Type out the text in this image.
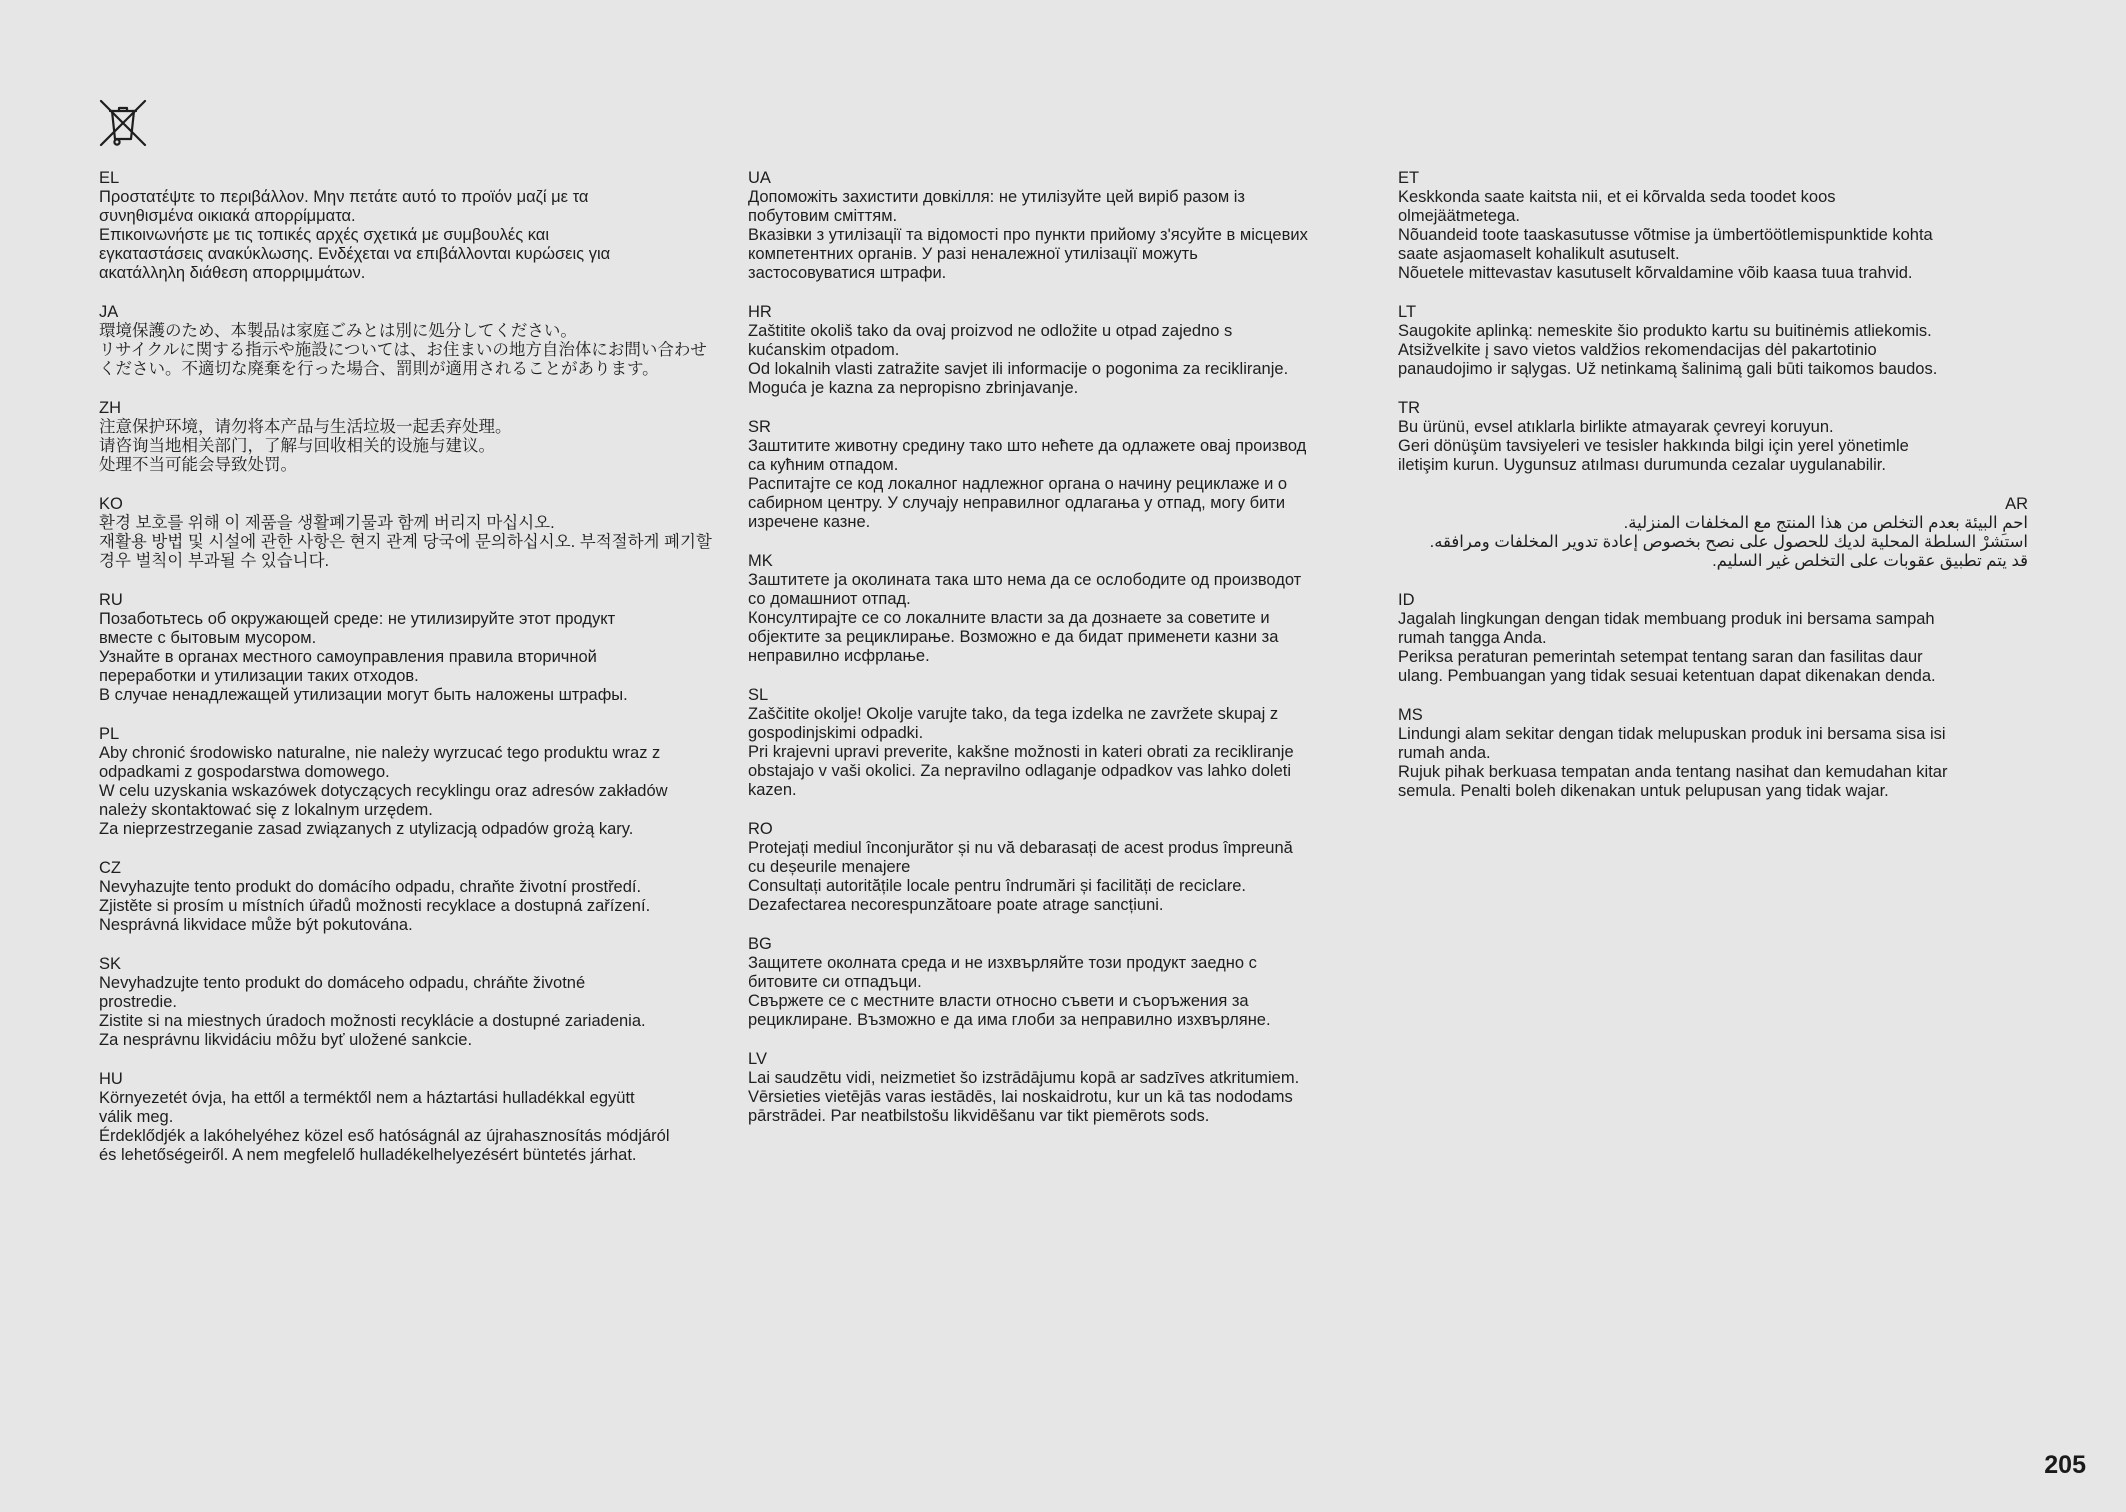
EL
Προστατέψτε το περιβάλλον. Μην πετάτε αυτό το προϊόν μαζί με τα
συνηθισμένα οικιακά απορρίμματα.
Επικοινωνήστε με τις τοπικές αρχές σχετικά με συμβουλές και
εγκαταστάσεις ανακύκλωσης. Ενδέχεται να επιβάλλονται κυρώσεις για
ακατάλληλη διάθεση απορριμμάτων.
JA
環境保護のため、本製品は家庭ごみとは別に処分してください。
リサイクルに関する指示や施設については、お住まいの地方自治体にお問い合わせ
ください。不適切な廃棄を行った場合、罰則が適用されることがあります。
ZH
注意保护环境，请勿将本产品与生活垃圾一起丢弃处理。
请咨询当地相关部门，了解与回收相关的设施与建议。
处理不当可能会导致处罚。
KO
환경 보호를 위해 이 제품을 생활폐기물과 함께 버리지 마십시오.
재활용 방법 및 시설에 관한 사항은 현지 관계 당국에 문의하십시오. 부적절하게 폐기할
경우 벌칙이 부과될 수 있습니다.
RU
Позаботьтесь об окружающей среде: не утилизируйте этот продукт
вместе с бытовым мусором.
Узнайте в органах местного самоуправления правила вторичной
переработки и утилизации таких отходов.
В случае ненадлежащей утилизации могут быть наложены штрафы.
PL
Aby chronić środowisko naturalne, nie należy wyrzucać tego produktu wraz z
odpadkami z gospodarstwa domowego.
W celu uzyskania wskazówek dotyczących recyklingu oraz adresów zakładów
należy skontaktować się z lokalnym urzędem.
Za nieprzestrzeganie zasad związanych z utylizacją odpadów grożą kary.
CZ
Nevyhazujte tento produkt do domácího odpadu, chraňte životní prostředí.
Zjistěte si prosím u místních úřadů možnosti recyklace a dostupná zařízení.
Nesprávná likvidace může být pokutována.
SK
Nevyhadzujte tento produkt do domáceho odpadu, chráňte životné
prostredie.
Zistite si na miestnych úradoch možnosti recyklácie a dostupné zariadenia.
Za nesprávnu likvidáciu môžu byť uložené sankcie.
HU
Környezetét óvja, ha ettől a terméktől nem a háztartási hulladékkal együtt
válik meg.
Érdeklődjék a lakóhelyéhez közel eső hatóságnál az újrahasznosítás módjáról
és lehetőségeiről. A nem megfelelő hulladékelhelyezésért büntetés járhat.
UA
Допоможіть захистити довкілля: не утилізуйте цей виріб разом із
побутовим сміттям.
Вказівки з утилізації та відомості про пункти прийому з'ясуйте в місцевих
компетентних органів. У разі неналежної утилізації можуть
застосовуватися штрафи.
HR
Zaštitite okoliš tako da ovaj proizvod ne odložite u otpad zajedno s
kućanskim otpadom.
Od lokalnih vlasti zatražite savjet ili informacije o pogonima za recikliranje.
Moguća je kazna za nepropisno zbrinjavanje.
SR
Заштитите животну средину тако што нећете да одлажете овај производ
са кућним отпадом.
Распитајте се код локалног надлежног органа о начину рециклаже и о
сабирном центру. У случају неправилног одлагања у отпад, могу бити
изречене казне.
MK
Заштитете ја околината така што нема да се ослободите од производот
со домашниот отпад.
Консултирајте се со локалните власти за да дознаете за советите и
објектите за рециклирање. Возможно е да бидат применети казни за
неправилно исфрлање.
SL
Zaščitite okolje! Okolje varujte tako, da tega izdelka ne zavržete skupaj z
gospodinjskimi odpadki.
Pri krajevni upravi preverite, kakšne možnosti in kateri obrati za recikliranje
obstajajo v vaši okolici. Za nepravilno odlaganje odpadkov vas lahko doleti
kazen.
RO
Protejați mediul înconjurător și nu vă debarasați de acest produs împreună
cu deșeurile menajere
Consultați autoritățile locale pentru îndrumări și facilități de reciclare.
Dezafectarea necorespunzătoare poate atrage sancțiuni.
BG
Защитете околната среда и не изхвърляйте този продукт заедно с
битовите си отпадъци.
Свържете се с местните власти относно съвети и съоръжения за
рециклиране. Възможно е да има глоби за неправилно изхвърляне.
LV
Lai saudzētu vidi, neizmetiet šo izstrādājumu kopā ar sadzīves atkritumiem.
Vērsieties vietējās varas iestādēs, lai noskaidrotu, kur un kā tas nododams
pārstrādei. Par neatbilstošu likvidēšanu var tikt piemērots sods.
ET
Keskkonda saate kaitsta nii, et ei kõrvalda seda toodet koos
olmejäätmetega.
Nõuandeid toote taaskasutusse võtmise ja ümbertöötlemispunktide kohta
saate asjaomaselt kohalikult asutuselt.
Nõuetele mittevastav kasutuselt kõrvaldamine võib kaasa tuua trahvid.
LT
Saugokite aplinką: nemeskite šio produkto kartu su buitinėmis atliekomis.
Atsižvelkite į savo vietos valdžios rekomendacijas dėl pakartotinio
panaudojimo ir sąlygas. Už netinkamą šalinimą gali būti taikomos baudos.
TR
Bu ürünü, evsel atıklarla birlikte atmayarak çevreyi koruyun.
Geri dönüşüm tavsiyeleri ve tesisler hakkında bilgi için yerel yönetimle
iletişim kurun. Uygunsuz atılması durumunda cezalar uygulanabilir.
AR
احمِ البيئة بعدم التخلص من هذا المنتج مع المخلفات المنزلية.
استشرْ السلطة المحلية لديك للحصول على نصح بخصوص إعادة تدوير المخلفات ومرافقه.
قد يتم تطبيق عقوبات على التخلص غير السليم.
ID
Jagalah lingkungan dengan tidak membuang produk ini bersama sampah
rumah tangga Anda.
Periksa peraturan pemerintah setempat tentang saran dan fasilitas daur
ulang. Pembuangan yang tidak sesuai ketentuan dapat dikenakan denda.
MS
Lindungi alam sekitar dengan tidak melupuskan produk ini bersama sisa isi
rumah anda.
Rujuk pihak berkuasa tempatan anda tentang nasihat dan kemudahan kitar
semula. Penalti boleh dikenakan untuk pelupusan yang tidak wajar.
205
